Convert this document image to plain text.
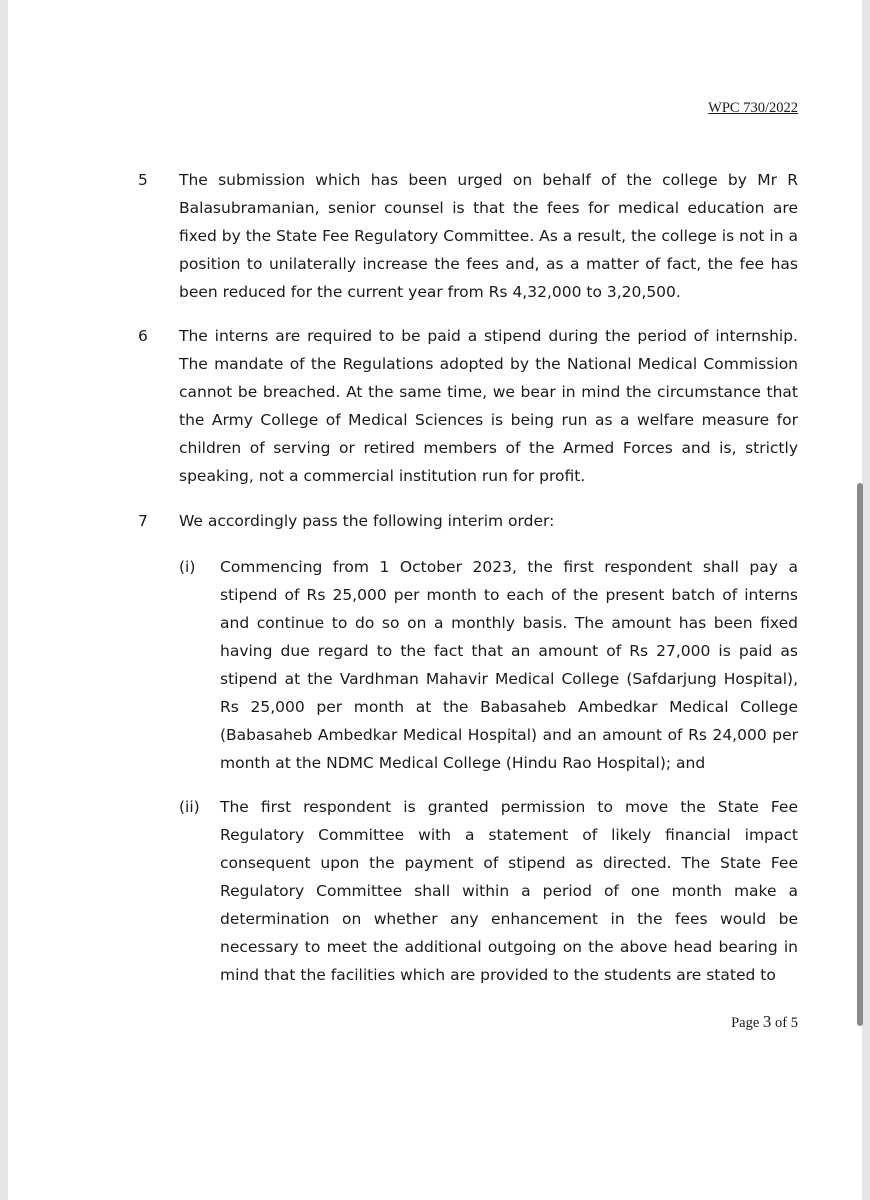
WPC 730/2022
5 The submission which has been urged on behalf of the college by Mr R Balasubramanian, senior counsel is that the fees for medical education are fixed by the State Fee Regulatory Committee. As a result, the college is not in a position to unilaterally increase the fees and, as a matter of fact, the fee has been reduced for the current year from Rs 4,32,000 to 3,20,500.
6 The interns are required to be paid a stipend during the period of internship. The mandate of the Regulations adopted by the National Medical Commission cannot be breached. At the same time, we bear in mind the circumstance that the Army College of Medical Sciences is being run as a welfare measure for children of serving or retired members of the Armed Forces and is, strictly speaking, not a commercial institution run for profit.
7 We accordingly pass the following interim order:
(i) Commencing from 1 October 2023, the first respondent shall pay a stipend of Rs 25,000 per month to each of the present batch of interns and continue to do so on a monthly basis. The amount has been fixed having due regard to the fact that an amount of Rs 27,000 is paid as stipend at the Vardhman Mahavir Medical College (Safdarjung Hospital), Rs 25,000 per month at the Babasaheb Ambedkar Medical College (Babasaheb Ambedkar Medical Hospital) and an amount of Rs 24,000 per month at the NDMC Medical College (Hindu Rao Hospital); and
(ii) The first respondent is granted permission to move the State Fee Regulatory Committee with a statement of likely financial impact consequent upon the payment of stipend as directed. The State Fee Regulatory Committee shall within a period of one month make a determination on whether any enhancement in the fees would be necessary to meet the additional outgoing on the above head bearing in mind that the facilities which are provided to the students are stated to
Page 3 of 5
